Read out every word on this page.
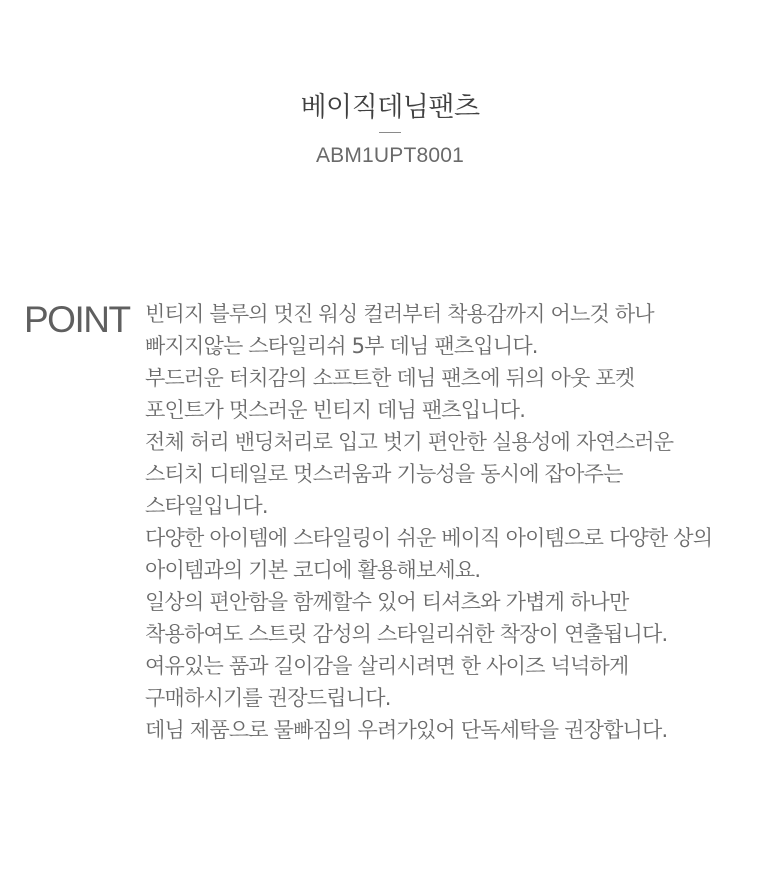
베이직데님팬츠
ABM1UPT8001
POINT 빈티지 블루의 멋진 워싱 컬러부터 착용감까지 어느것 하나
빠지지않는 스타일리쉬 5부 데님 팬츠입니다.
부드러운 터치감의 소프트한 데님 팬츠에 뒤의 아웃 포켓
포인트가 멋스러운 빈티지 데님 팬츠입니다.
전체 허리 밴딩처리로 입고 벗기 편안한 실용성에 자연스러운
스티치 디테일로 멋스러움과 기능성을 동시에 잡아주는
스타일입니다.
다양한 아이템에 스타일링이 쉬운 베이직 아이템으로 다양한 상의
아이템과의 기본 코디에 활용해보세요.
일상의 편안함을 함께할수 있어 티셔츠와 가볍게 하나만
착용하여도 스트릿 감성의 스타일리쉬한 착장이 연출됩니다.
여유있는 품과 길이감을 살리시려면 한 사이즈 넉넉하게
구매하시기를 권장드립니다.
데님 제품으로 물빠짐의 우려가있어 단독세탁을 권장합니다.
